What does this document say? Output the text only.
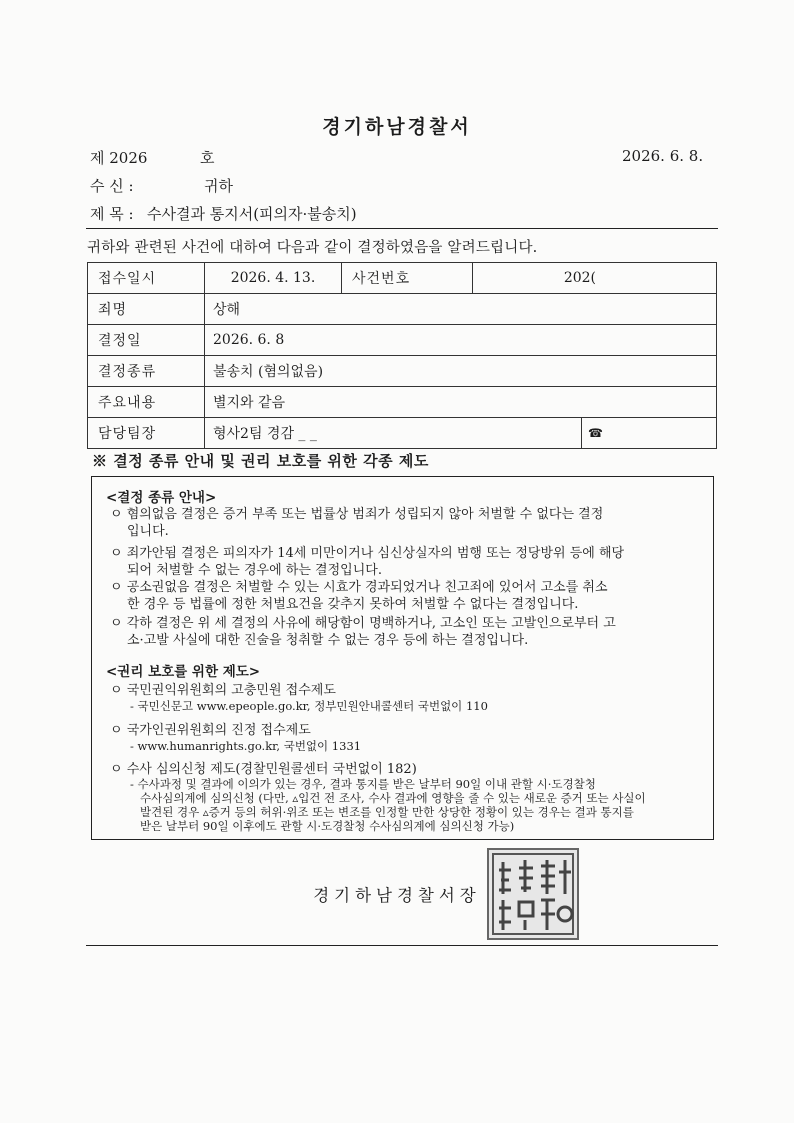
경기하남경찰서
제 2026	호	2026. 6. 8.
수 신 :	귀하
제 목 : 수사결과 통지서(피의자·불송치)
귀하와 관련된 사건에 대하여 다음과 같이 결정하였음을 알려드립니다.
접수일시	2026. 4. 13.	사건번호	202(	
죄명	상해			
결정일	2026. 6. 8			
결정종류	불송치 (혐의없음)			
주요내용	별지와 같음			
담당팀장	형사2팀 경감 _ _			☎
※ 결정 종류 안내 및 권리 보호를 위한 각종 제도
<결정 종류 안내>
ㅇ 혐의없음 결정은 증거 부족 또는 법률상 범죄가 성립되지 않아 처벌할 수 없다는 결정
입니다.
ㅇ 죄가안됨 결정은 피의자가 14세 미만이거나 심신상실자의 범행 또는 정당방위 등에 해당
되어 처벌할 수 없는 경우에 하는 결정입니다.
ㅇ 공소권없음 결정은 처벌할 수 있는 시효가 경과되었거나 친고죄에 있어서 고소를 취소
한 경우 등 법률에 정한 처벌요건을 갖추지 못하여 처벌할 수 없다는 결정입니다.
ㅇ 각하 결정은 위 세 결정의 사유에 해당함이 명백하거나, 고소인 또는 고발인으로부터 고
소·고발 사실에 대한 진술을 청취할 수 없는 경우 등에 하는 결정입니다.
<권리 보호를 위한 제도>
ㅇ 국민권익위원회의 고충민원 접수제도
- 국민신문고 www.epeople.go.kr, 정부민원안내콜센터 국번없이 110
ㅇ 국가인권위원회의 진정 접수제도
- www.humanrights.go.kr, 국번없이 1331
ㅇ 수사 심의신청 제도(경찰민원콜센터 국번없이 182)
- 수사과정 및 결과에 이의가 있는 경우, 결과 통지를 받은 날부터 90일 이내 관할 시·도경찰청
수사심의계에 심의신청 (다만, ▵입건 전 조사, 수사 결과에 영향을 줄 수 있는 새로운 증거 또는 사실이
발견된 경우 ▵증거 등의 허위·위조 또는 변조를 인정할 만한 상당한 정황이 있는 경우는 결과 통지를
받은 날부터 90일 이후에도 관할 시·도경찰청 수사심의계에 심의신청 가능)
경기하남경찰서장
